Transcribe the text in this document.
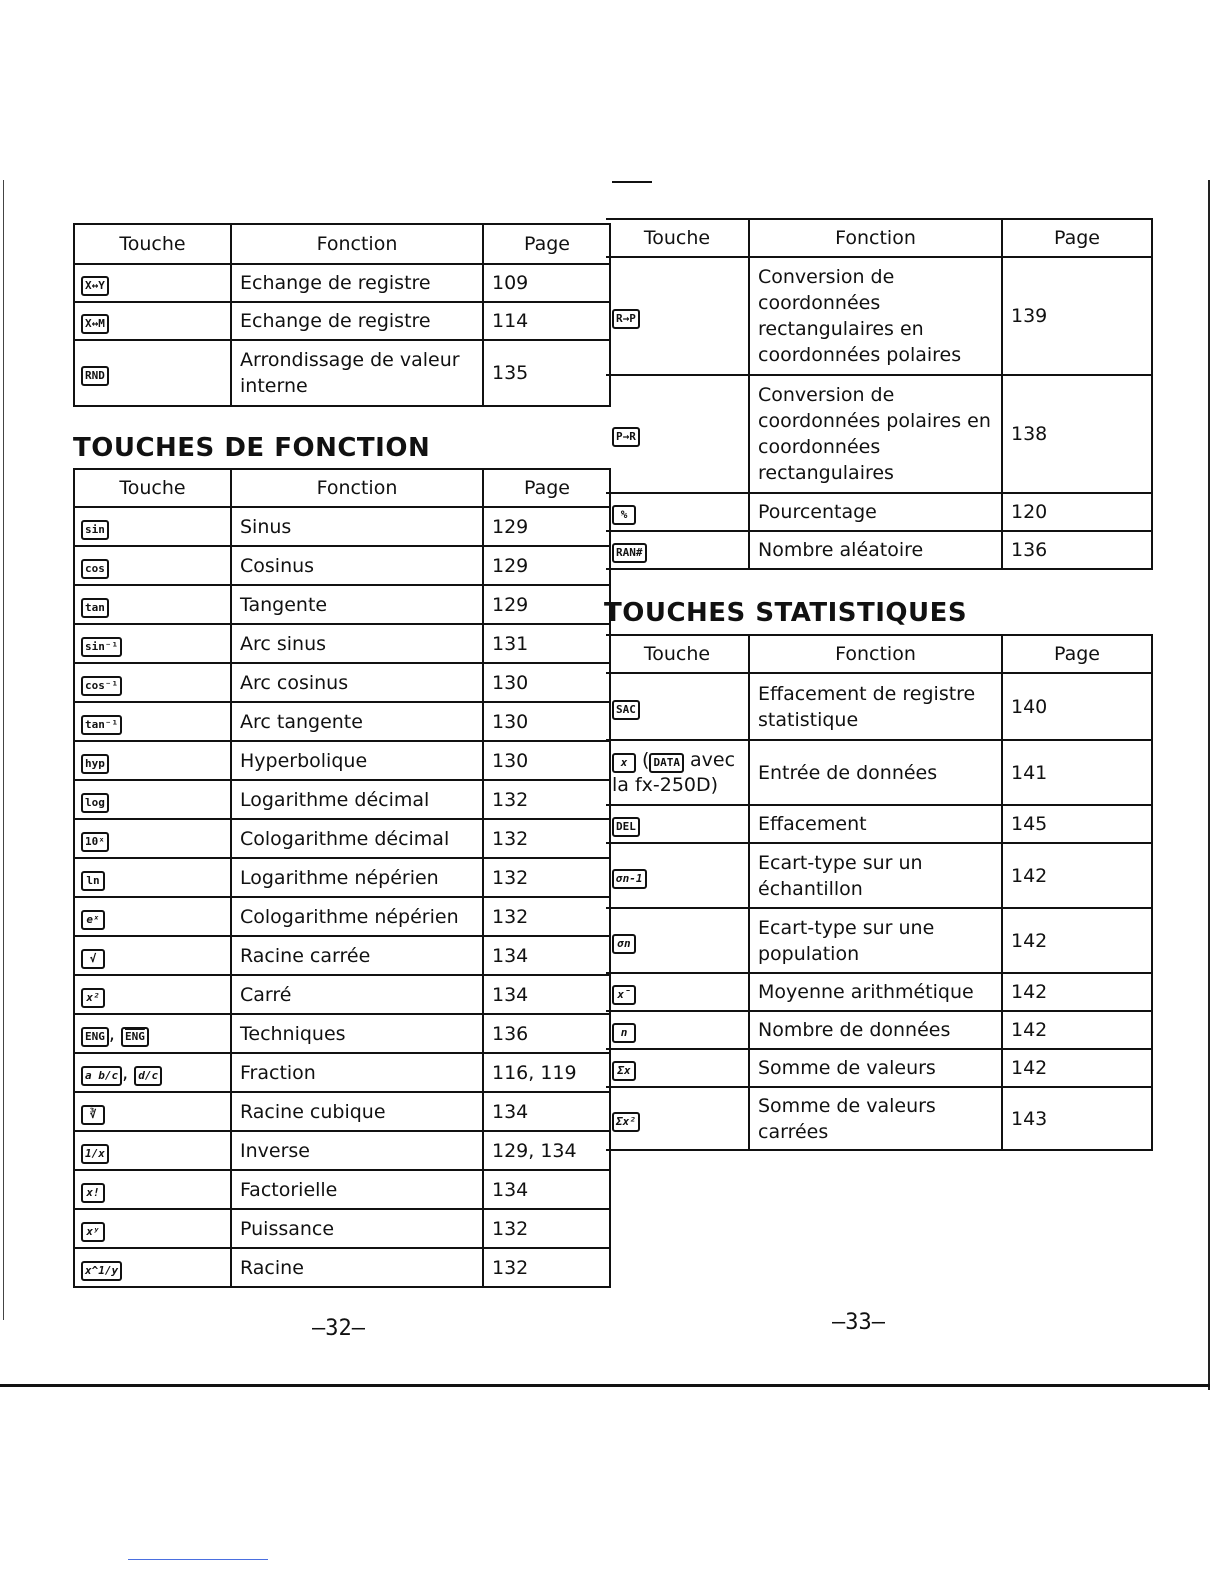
Touche	Fonction	Page
X↔Y	Echange de registre	109
X↔M	Echange de registre	114
RND	Arrondissage de valeur interne	135
TOUCHES DE FONCTION
Touche	Fonction	Page
sin	Sinus	129
cos	Cosinus	129
tan	Tangente	129
sin⁻¹	Arc sinus	131
cos⁻¹	Arc cosinus	130
tan⁻¹	Arc tangente	130
hyp	Hyperbolique	130
log	Logarithme décimal	132
10ˣ	Cologarithme décimal	132
ln	Logarithme népérien	132
eˣ	Cologarithme népérien	132
√	Racine carrée	134
x²	Carré	134
ENG , $\overline{ENG}$	Techniques	136
a b/c , d/c	Fraction	116, 119
∛	Racine cubique	134
1/x	Inverse	129, 134
x!	Factorielle	134
xʸ	Puissance	132
x^1/y	Racine	132
Touche	Fonction	Page
R→P	Conversion de coordonnées rectangulaires en coordonnées polaires	139
P→R	Conversion de coordonnées polaires en coordonnées rectangulaires	138
%	Pourcentage	120
RAN#	Nombre aléatoire	136
TOUCHES STATISTIQUES
Touche	Fonction	Page
SAC	Effacement de registre statistique	140
x ( DATA avec la fx-250D)	Entrée de données	141
DEL	Effacement	145
σn-1	Ecart-type sur un échantillon	142
σn	Ecart-type sur une population	142
x̄	Moyenne arithmétique	142
n	Nombre de données	142
Σx	Somme de valeurs	142
Σx²	Somme de valeurs carrées	143
–32–	–33–
